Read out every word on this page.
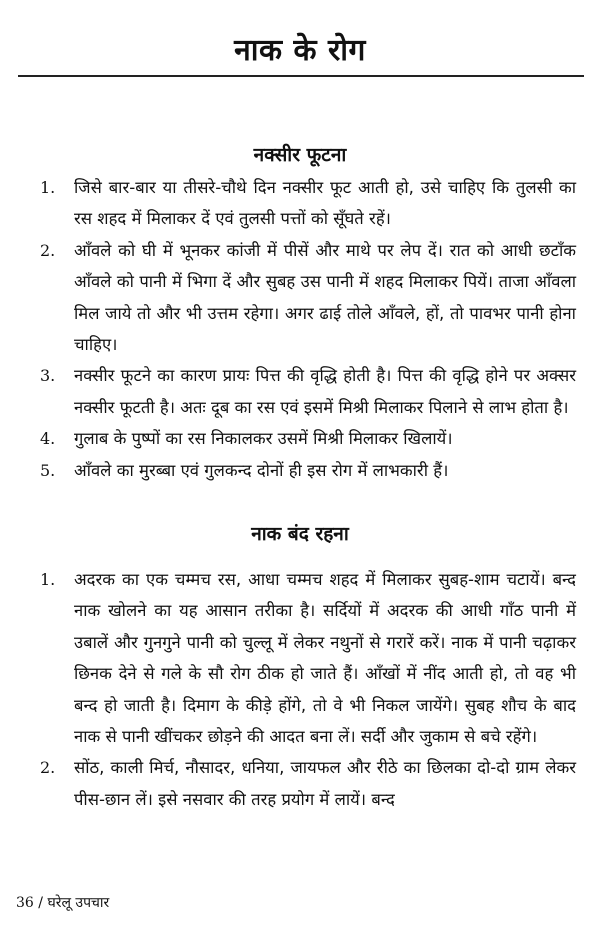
नाक के रोग
नक्सीर फूटना
1. जिसे बार-बार या तीसरे-चौथे दिन नक्सीर फूट आती हो, उसे चाहिए कि तुलसी का रस शहद में मिलाकर दें एवं तुलसी पत्तों को सूँघते रहें।
2. आँवले को घी में भूनकर कांजी में पीसें और माथे पर लेप दें। रात को आधी छटाँक आँवले को पानी में भिगा दें और सुबह उस पानी में शहद मिलाकर पियें। ताजा आँवला मिल जाये तो और भी उत्तम रहेगा। अगर ढाई तोले आँवले, हों, तो पावभर पानी होना चाहिए।
3. नक्सीर फूटने का कारण प्रायः पित्त की वृद्धि होती है। पित्त की वृद्धि होने पर अक्सर नक्सीर फूटती है। अतः दूब का रस एवं इसमें मिश्री मिलाकर पिलाने से लाभ होता है।
4. गुलाब के पुष्पों का रस निकालकर उसमें मिश्री मिलाकर खिलायें।
5. आँवले का मुरब्बा एवं गुलकन्द दोनों ही इस रोग में लाभकारी हैं।
नाक बंद रहना
1. अदरक का एक चम्मच रस, आधा चम्मच शहद में मिलाकर सुबह-शाम चटायें। बन्द नाक खोलने का यह आसान तरीका है। सर्दियों में अदरक की आधी गाँठ पानी में उबालें और गुनगुने पानी को चुल्लू में लेकर नथुनों से गरारें करें। नाक में पानी चढ़ाकर छिनक देने से गले के सौ रोग ठीक हो जाते हैं। आँखों में नींद आती हो, तो वह भी बन्द हो जाती है। दिमाग के कीड़े होंगे, तो वे भी निकल जायेंगे। सुबह शौच के बाद नाक से पानी खींचकर छोड़ने की आदत बना लें। सर्दी और जुकाम से बचे रहेंगे।
2. सोंठ, काली मिर्च, नौसादर, धनिया, जायफल और रीठे का छिलका दो-दो ग्राम लेकर पीस-छान लें। इसे नसवार की तरह प्रयोग में लायें। बन्द
36 / घरेलू उपचार
